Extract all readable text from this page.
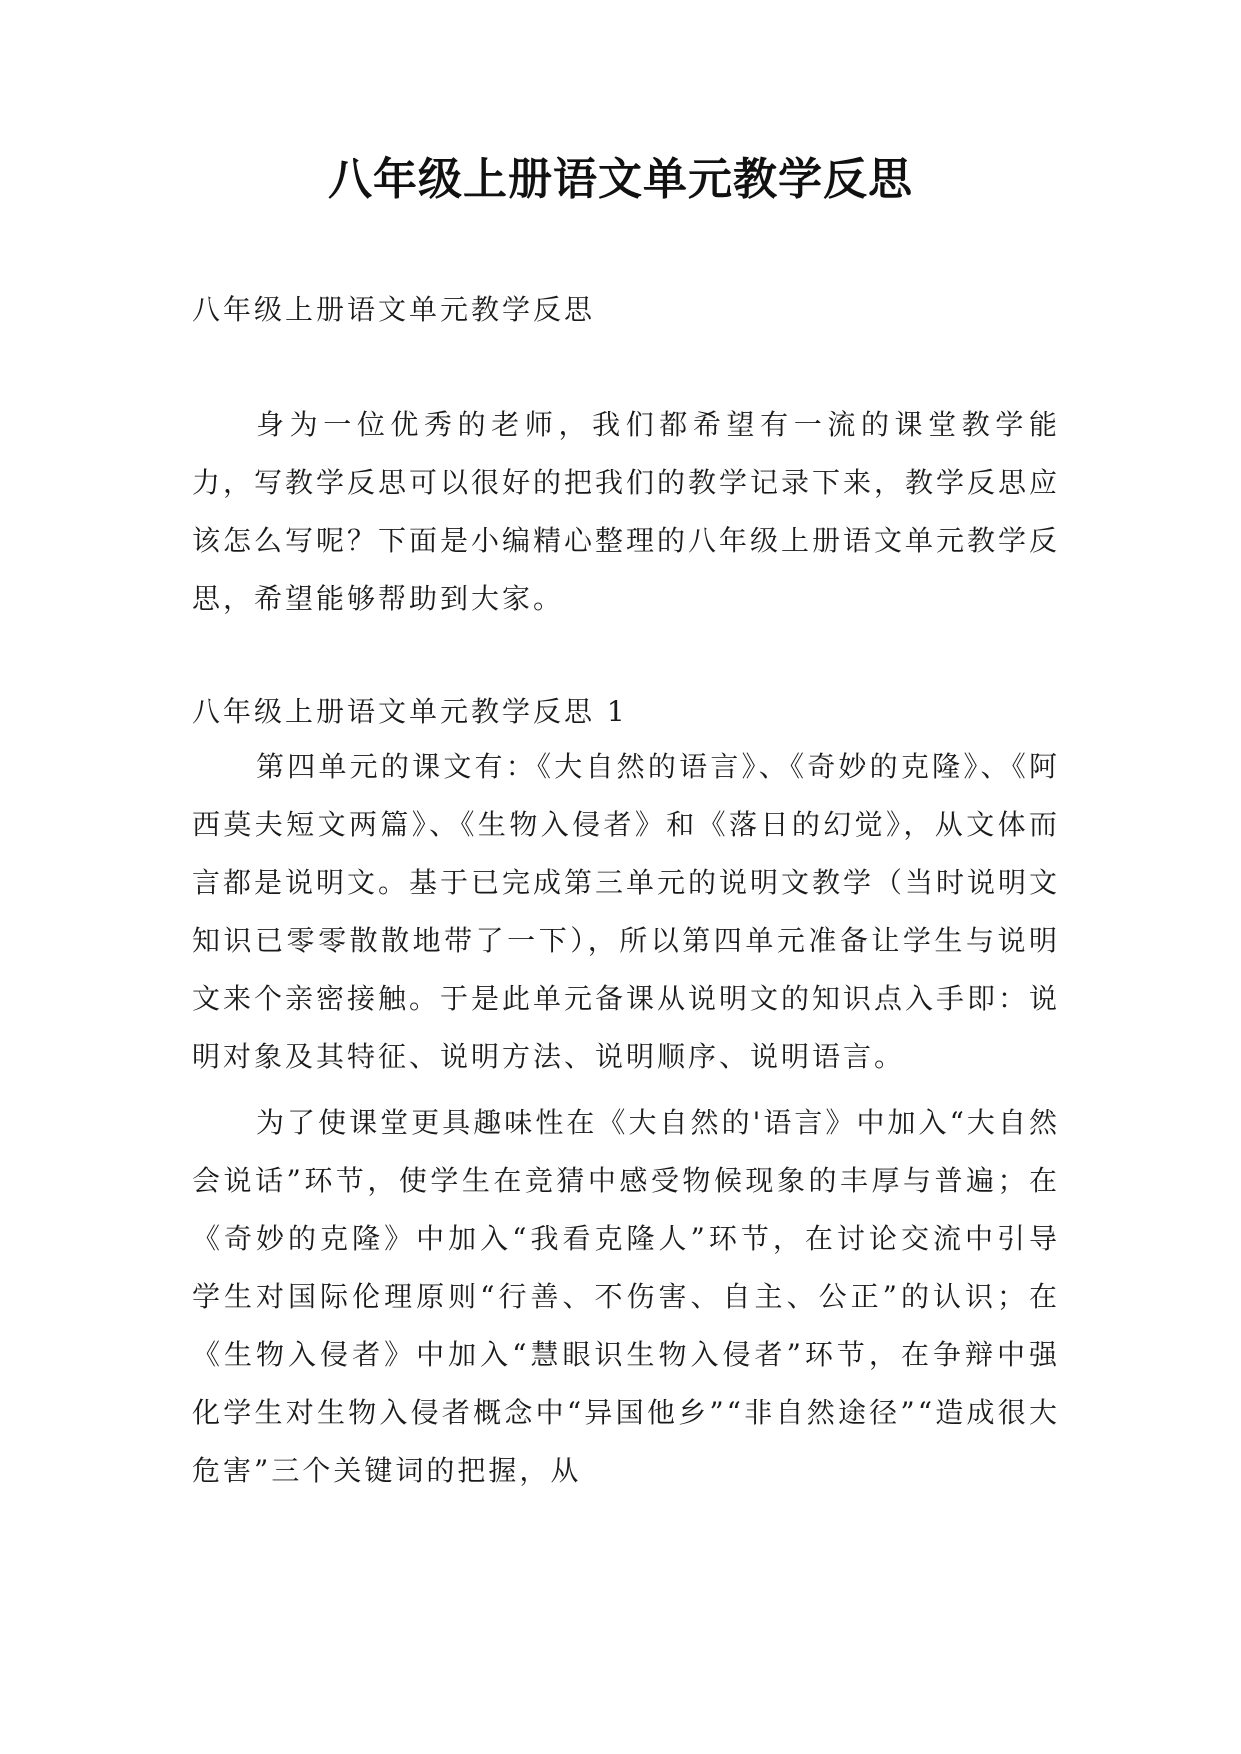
八年级上册语文单元教学反思

八年级上册语文单元教学反思

身为一位优秀的老师，我们都希望有一流的课堂教学能力，写教学反思可以很好的把我们的教学记录下来，教学反思应该怎么写呢？下面是小编精心整理的八年级上册语文单元教学反思，希望能够帮助到大家。

八年级上册语文单元教学反思 1

第四单元的课文有：《大自然的语言》、《奇妙的克隆》、《阿西莫夫短文两篇》、《生物入侵者》和《落日的幻觉》，从文体而言都是说明文。基于已完成第三单元的说明文教学（当时说明文知识已零零散散地带了一下），所以第四单元准备让学生与说明文来个亲密接触。于是此单元备课从说明文的知识点入手即：说明对象及其特征、说明方法、说明顺序、说明语言。

为了使课堂更具趣味性在《大自然的'语言》中加入“大自然会说话”环节，使学生在竞猜中感受物候现象的丰厚与普遍；在《奇妙的克隆》中加入“我看克隆人”环节，在讨论交流中引导学生对国际伦理原则“行善、不伤害、自主、公正”的认识；在《生物入侵者》中加入“慧眼识生物入侵者”环节，在争辩中强化学生对生物入侵者概念中“异国他乡”“非自然途径”“造成很大危害”三个关键词的把握，从
